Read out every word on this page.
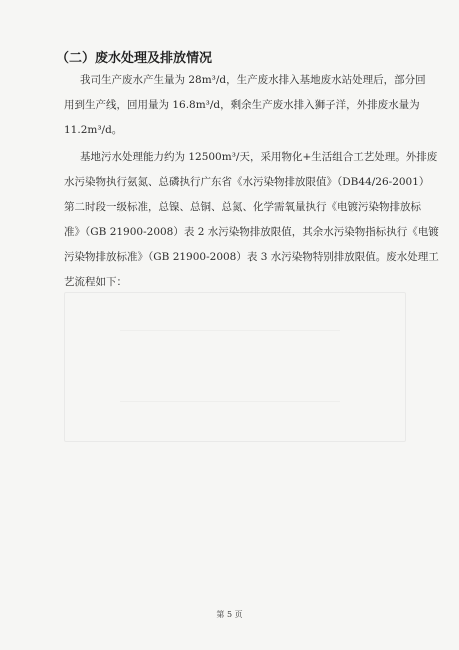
（二）废水处理及排放情况
我司生产废水产生量为 28m³/d，生产废水排入基地废水站处理后，部分回
用到生产线，回用量为 16.8m³/d，剩余生产废水排入狮子洋，外排废水量为
11.2m³/d。
基地污水处理能力约为 12500m³/天，采用物化+生活组合工艺处理。外排废
水污染物执行氨氮、总磷执行广东省《水污染物排放限值》（DB44/26-2001）
第二时段一级标准，总镍、总铜、总氮、化学需氧量执行《电镀污染物排放标
准》（GB 21900-2008）表 2 水污染物排放限值，其余水污染物指标执行《电镀
污染物排放标准》（GB 21900-2008）表 3 水污染物特别排放限值。废水处理工
艺流程如下：
第 5 页
